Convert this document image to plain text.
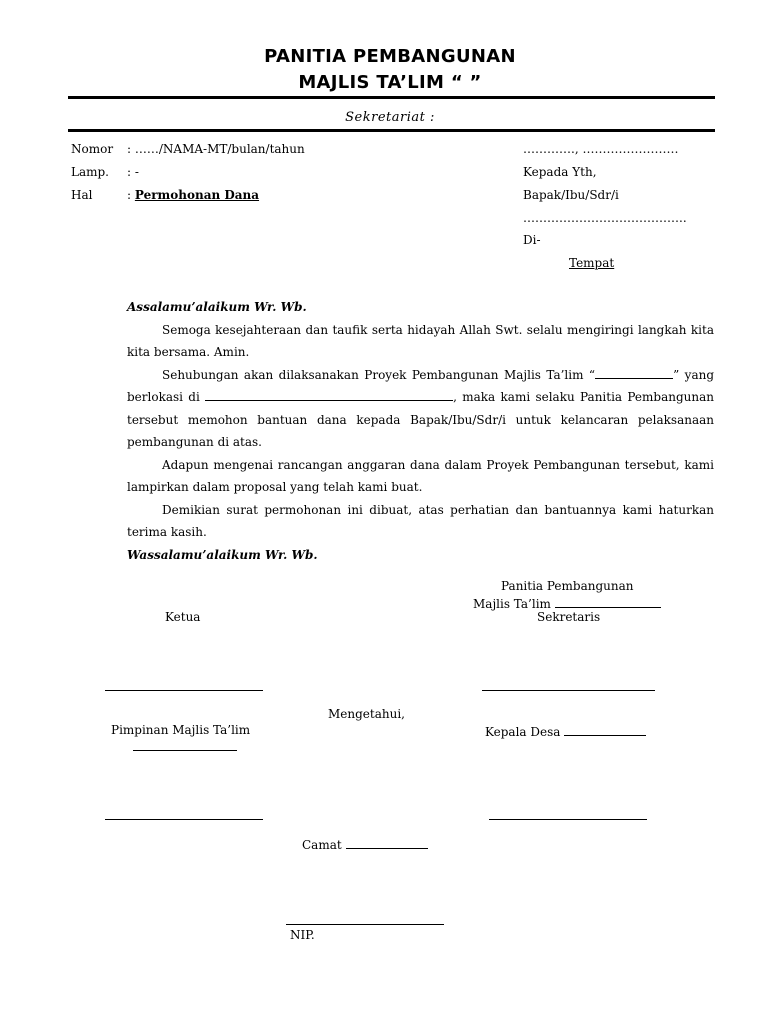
PANITIA PEMBANGUNAN
MAJLIS TA’LIM “ ”
Sekretariat :
Nomor : ……/NAMA-MT/bulan/tahun
Lamp. : -
Hal	: Permohonan Dana
…………., ……………………
Kepada Yth,
Bapak/Ibu/Sdr/i
…………………………………..
Di-
Tempat

Assalamu’alaikum Wr. Wb.

Semoga kesejahteraan dan taufik serta hidayah Allah Swt. selalu mengiringi langkah kita kita bersama. Amin.

Sehubungan akan dilaksanakan Proyek Pembangunan Majlis Ta’lim “	” yang berlokasi di	, maka kami selaku Panitia Pembangunan tersebut memohon bantuan dana kepada Bapak/Ibu/Sdr/i untuk kelancaran pelaksanaan pembangunan di atas.

Adapun mengenai rancangan anggaran dana dalam Proyek Pembangunan tersebut, kami lampirkan dalam proposal yang telah kami buat.

Demikian surat permohonan ini dibuat, atas perhatian dan bantuannya kami haturkan terima kasih.

Wassalamu’alaikum Wr. Wb.

Panitia Pembangunan
Majlis Ta’lim
Ketua	Sekretaris
Mengetahui,
Pimpinan Majlis Ta’lim	Kepala Desa
Camat
NIP.
